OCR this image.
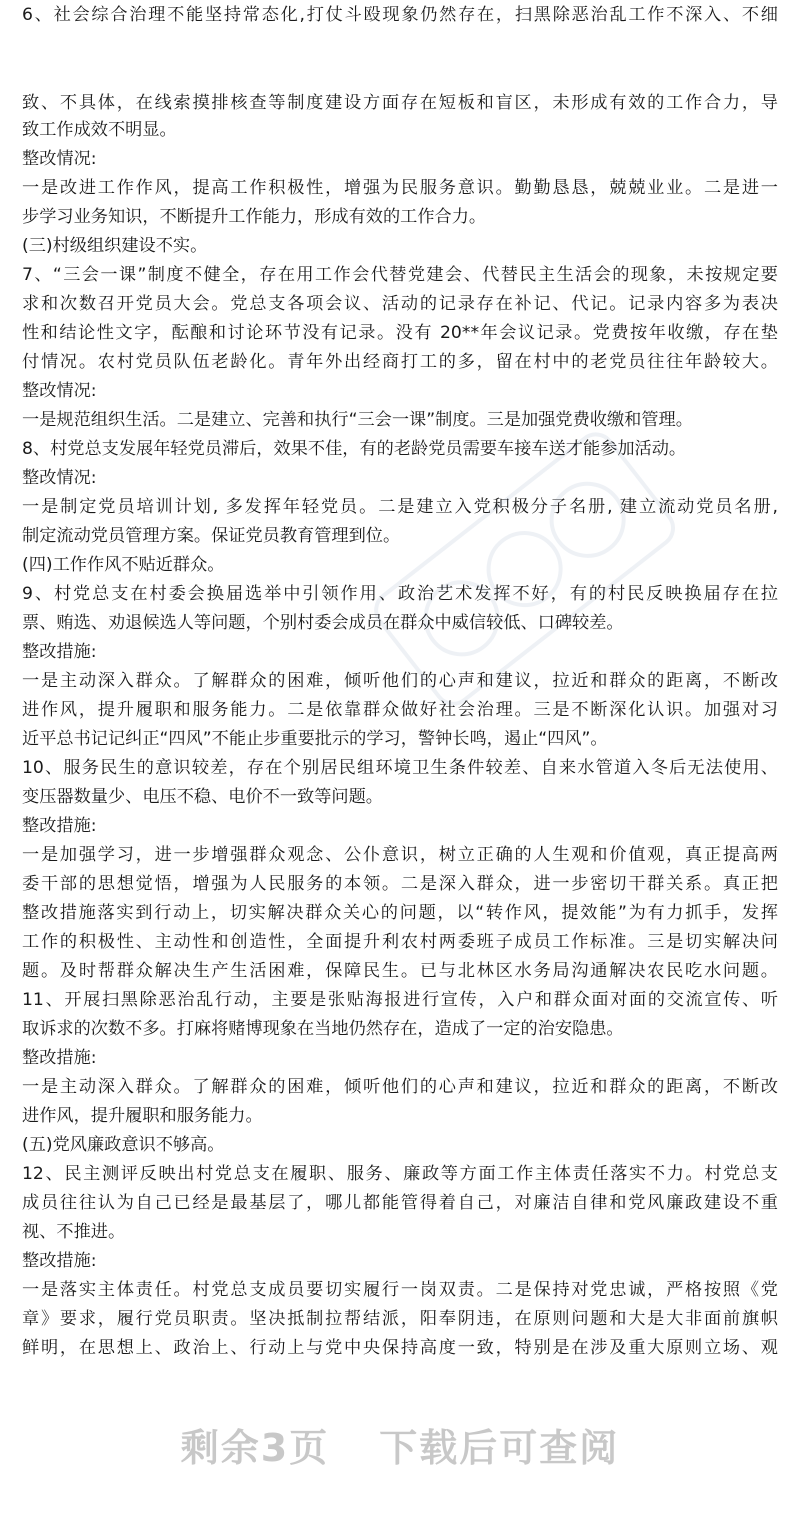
6、社会综合治理不能坚持常态化,打仗斗殴现象仍然存在，扫黑除恶治乱工作不深入、不细
致、不具体，在线索摸排核查等制度建设方面存在短板和盲区，未形成有效的工作合力，导
致工作成效不明显。
整改情况:
一是改进工作作风，提高工作积极性，增强为民服务意识。勤勤恳恳，兢兢业业。二是进一
步学习业务知识，不断提升工作能力，形成有效的工作合力。
(三)村级组织建设不实。
7、“三会一课”制度不健全，存在用工作会代替党建会、代替民主生活会的现象，未按规定要
求和次数召开党员大会。党总支各项会议、活动的记录存在补记、代记。记录内容多为表决
性和结论性文字，酝酿和讨论环节没有记录。没有 20**年会议记录。党费按年收缴，存在垫
付情况。农村党员队伍老龄化。青年外出经商打工的多，留在村中的老党员往往年龄较大。
整改情况:
一是规范组织生活。二是建立、完善和执行“三会一课”制度。三是加强党费收缴和管理。
8、村党总支发展年轻党员滞后，效果不佳，有的老龄党员需要车接车送才能参加活动。
整改情况:
一是制定党员培训计划, 多发挥年轻党员。二是建立入党积极分子名册, 建立流动党员名册,
制定流动党员管理方案。保证党员教育管理到位。
(四)工作作风不贴近群众。
9、村党总支在村委会换届选举中引领作用、政治艺术发挥不好，有的村民反映换届存在拉
票、贿选、劝退候选人等问题，个别村委会成员在群众中威信较低、口碑较差。
整改措施:
一是主动深入群众。了解群众的困难，倾听他们的心声和建议，拉近和群众的距离，不断改
进作风，提升履职和服务能力。二是依靠群众做好社会治理。三是不断深化认识。加强对习
近平总书记记纠正“四风”不能止步重要批示的学习，警钟长鸣，遏止“四风”。
10、服务民生的意识较差，存在个别居民组环境卫生条件较差、自来水管道入冬后无法使用、
变压器数量少、电压不稳、电价不一致等问题。
整改措施:
一是加强学习，进一步增强群众观念、公仆意识，树立正确的人生观和价值观，真正提高两
委干部的思想觉悟，增强为人民服务的本领。二是深入群众，进一步密切干群关系。真正把
整改措施落实到行动上，切实解决群众关心的问题，以“转作风，提效能”为有力抓手，发挥
工作的积极性、主动性和创造性，全面提升利农村两委班子成员工作标准。三是切实解决问
题。及时帮群众解决生产生活困难，保障民生。已与北林区水务局沟通解决农民吃水问题。
11、开展扫黑除恶治乱行动，主要是张贴海报进行宣传，入户和群众面对面的交流宣传、听
取诉求的次数不多。打麻将赌博现象在当地仍然存在，造成了一定的治安隐患。
整改措施:
一是主动深入群众。了解群众的困难，倾听他们的心声和建议，拉近和群众的距离，不断改
进作风，提升履职和服务能力。
(五)党风廉政意识不够高。
12、民主测评反映出村党总支在履职、服务、廉政等方面工作主体责任落实不力。村党总支
成员往往认为自己已经是最基层了，哪儿都能管得着自己，对廉洁自律和党风廉政建设不重
视、不推进。
整改措施:
一是落实主体责任。村党总支成员要切实履行一岗双责。二是保持对党忠诚，严格按照《党
章》要求，履行党员职责。坚决抵制拉帮结派，阳奉阴违，在原则问题和大是大非面前旗帜
鲜明，在思想上、政治上、行动上与党中央保持高度一致，特别是在涉及重大原则立场、观
剩余3页 下载后可查阅
